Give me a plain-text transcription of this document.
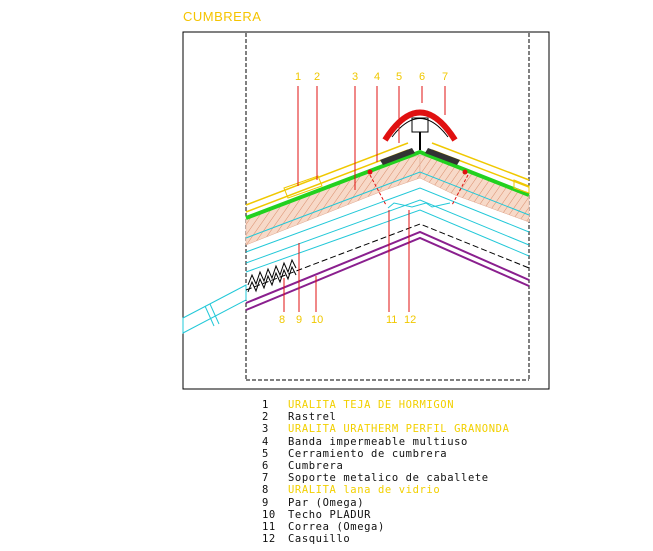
CUMBRERA
1 2	3 4 5 6 7
8 9 10	11 12
1	URALITA TEJA DE HORMIGON
2	Rastrel
3	URALITA URATHERM PERFIL GRANONDA
4	Banda impermeable multiuso
5	Cerramiento de cumbrera
6	Cumbrera
7	Soporte metalico de caballete
8	URALITA lana de vidrio
9	Par (Omega)
10	Techo PLADUR
11	Correa (Omega)
12	Casquillo
